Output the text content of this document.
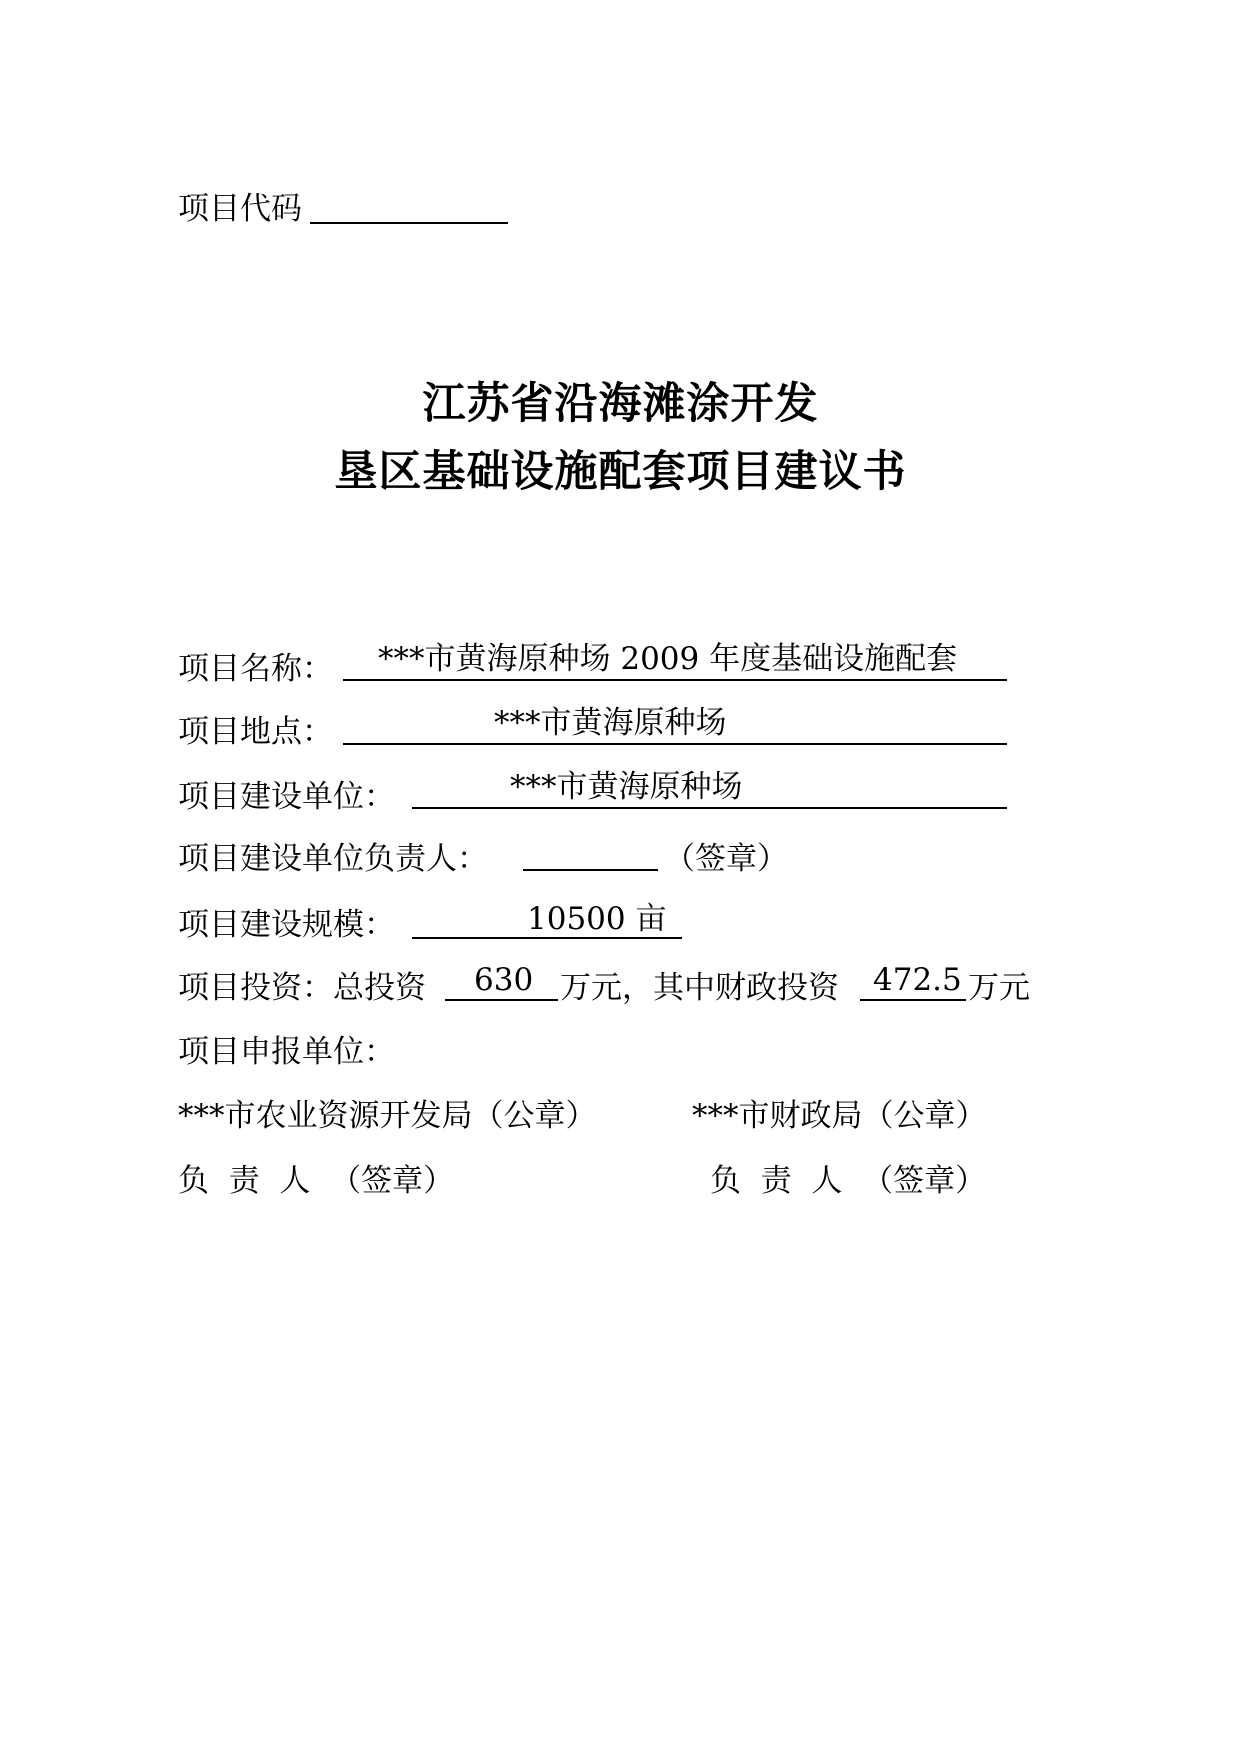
项目代码
江苏省沿海滩涂开发
垦区基础设施配套项目建议书
项目名称： ***市黄海原种场 2009 年度基础设施配套
项目地点：	***市黄海原种场
项目建设单位：	***市黄海原种场
项目建设单位负责人：	（签章）
项目建设规模：	10500 亩
项目投资：总投资 630 万元，其中财政投资 472.5 万元
项目申报单位：
***市农业资源开发局（公章）	***市财政局（公章）
负  责  人  （签章）	负  责  人  （签章）
